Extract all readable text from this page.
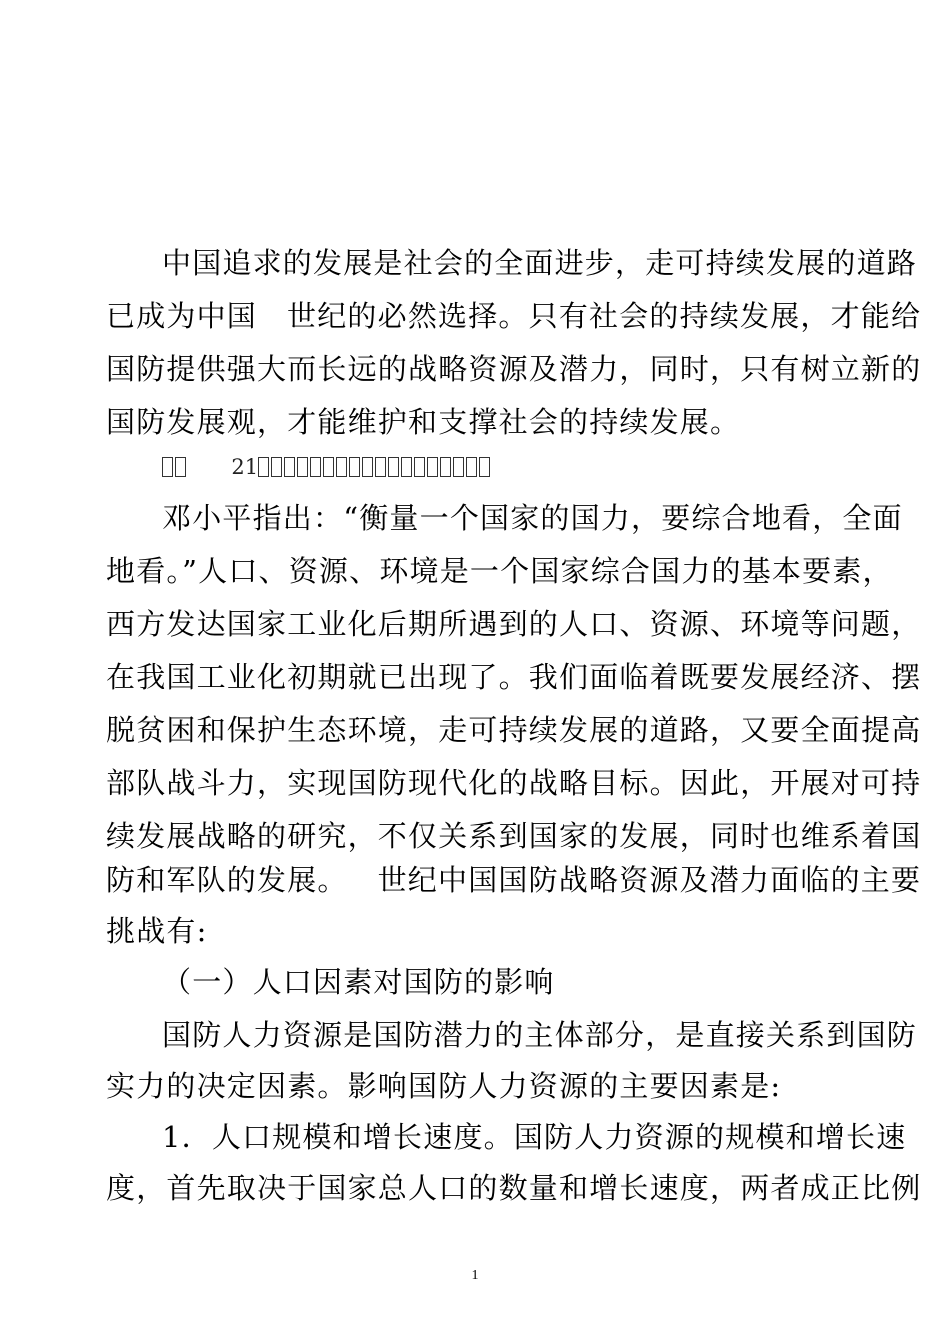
中国追求的发展是社会的全面进步，走可持续发展的道路
已成为中国 世纪的必然选择。只有社会的持续发展，才能给
国防提供强大而长远的战略资源及潜力，同时，只有树立新的
国防发展观，才能维护和支撑社会的持续发展。
21
邓小平指出：“衡量一个国家的国力，要综合地看，全面
地看。”人口、资源、环境是一个国家综合国力的基本要素，
西方发达国家工业化后期所遇到的人口、资源、环境等问题，
在我国工业化初期就已出现了。我们面临着既要发展经济、摆
脱贫困和保护生态环境，走可持续发展的道路，又要全面提高
部队战斗力，实现国防现代化的战略目标。因此，开展对可持
续发展战略的研究，不仅关系到国家的发展，同时也维系着国
防和军队的发展。 世纪中国国防战略资源及潜力面临的主要
挑战有:
（一）人口因素对国防的影响
国防人力资源是国防潜力的主体部分，是直接关系到国防
实力的决定因素。影响国防人力资源的主要因素是:
1．人口规模和增长速度。国防人力资源的规模和增长速
度，首先取决于国家总人口的数量和增长速度，两者成正比例
1
